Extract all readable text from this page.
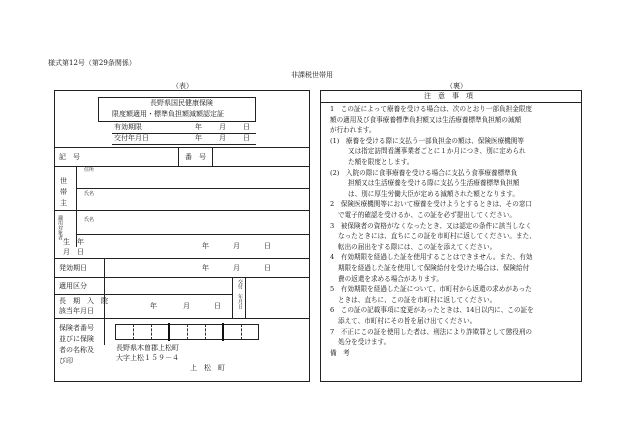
様式第12号（第29条関係）
非課税世帯用
（表）	（裏）
長野県国民健康保険
限度額適用・標準負担額減額認定証
有効期限	年 月 日
交付年月日	年 月 日
記　号	番　号
世
帯
主
住所
氏名
適用対象者	氏名
生　年
月　日
年	月	日
発効期日	年	月	日
適用区分
長　期　入　院
該当年月日
年	月	日
交付
年月日
保険者番号
並びに保険
者の名称及
び印
長野県木曽郡上松町
大字上松１５９－４
上　松　町
注　意　事　項
1　この証によって療養を受ける場合は、次のとおり一部負担金限度
額の適用及び食事療養標準負担額又は生活療養標準負担額の減額
が行われます。
(1)　療養を受ける際に支払う一部負担金の額は、保険医療機関等
又は指定訪問看護事業者ごとに１か月につき、別に定められ
た額を限度とします。
(2)　入院の際に食事療養を受ける場合に支払う食事療養標準負
担額又は生活療養を受ける際に支払う生活療養標準負担額
は、別に厚生労働大臣が定める減額された額となります。
2　保険医療機関等において療養を受けようとするときは、その窓口
で電子的確認を受けるか、この証を必ず提出してください。
3　被保険者の資格がなくなったとき、又は認定の条件に該当しなく
なったときには、直ちにこの証を市町村に返してください。また、
転出の届出をする際には、この証を添えてください。
4　有効期限を経過した証を使用することはできません。また、有効
期限を経過した証を使用して保険給付を受けた場合は、保険給付
費の返還を求める場合があります。
5　有効期限を経過した証について、市町村から返還の求めがあった
ときは、直ちに、この証を市町村に返してください。
6　この証の記載事項に変更があったときは、14日以内に、この証を
添えて、市町村にその旨を届け出てください。
7　不正にこの証を使用した者は、刑法により詐欺罪として懲役刑の
処分を受けます。
備　考
